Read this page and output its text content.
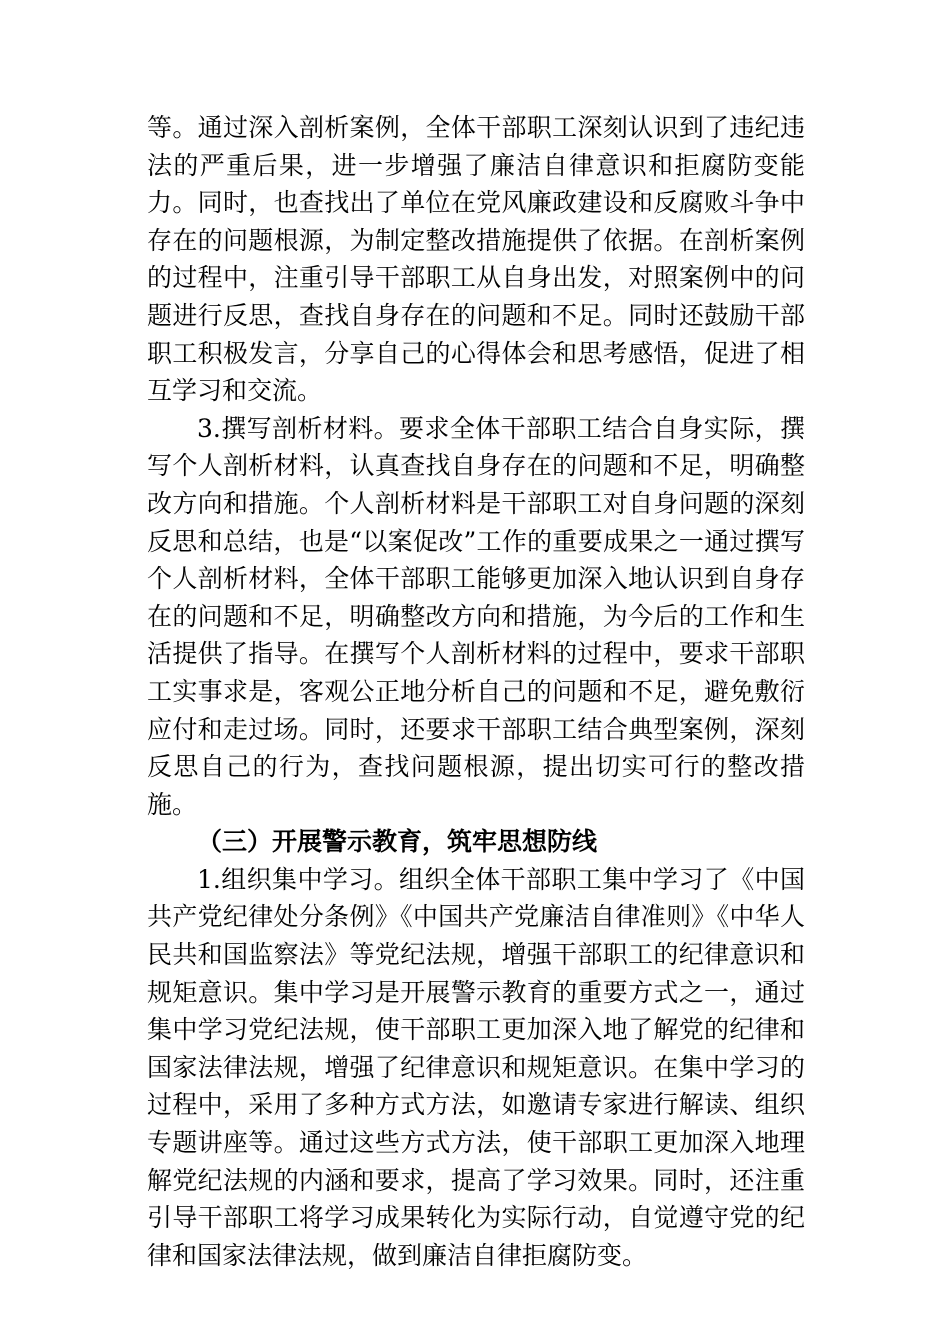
等。通过深入剖析案例，全体干部职工深刻认识到了违纪违法的严重后果，进一步增强了廉洁自律意识和拒腐防变能力。同时，也查找出了单位在党风廉政建设和反腐败斗争中存在的问题根源，为制定整改措施提供了依据。在剖析案例的过程中，注重引导干部职工从自身出发，对照案例中的问题进行反思，查找自身存在的问题和不足。同时还鼓励干部职工积极发言，分享自己的心得体会和思考感悟，促进了相互学习和交流。

3.撰写剖析材料。要求全体干部职工结合自身实际，撰写个人剖析材料，认真查找自身存在的问题和不足，明确整改方向和措施。个人剖析材料是干部职工对自身问题的深刻反思和总结，也是“以案促改”工作的重要成果之一通过撰写个人剖析材料，全体干部职工能够更加深入地认识到自身存在的问题和不足，明确整改方向和措施，为今后的工作和生活提供了指导。在撰写个人剖析材料的过程中，要求干部职工实事求是，客观公正地分析自己的问题和不足，避免敷衍应付和走过场。同时，还要求干部职工结合典型案例，深刻反思自己的行为，查找问题根源，提出切实可行的整改措施。

（三）开展警示教育，筑牢思想防线

1.组织集中学习。组织全体干部职工集中学习了《中国共产党纪律处分条例》《中国共产党廉洁自律准则》《中华人民共和国监察法》等党纪法规，增强干部职工的纪律意识和规矩意识。集中学习是开展警示教育的重要方式之一，通过集中学习党纪法规，使干部职工更加深入地了解党的纪律和国家法律法规，增强了纪律意识和规矩意识。在集中学习的过程中，采用了多种方式方法，如邀请专家进行解读、组织专题讲座等。通过这些方式方法，使干部职工更加深入地理解党纪法规的内涵和要求，提高了学习效果。同时，还注重引导干部职工将学习成果转化为实际行动，自觉遵守党的纪律和国家法律法规，做到廉洁自律拒腐防变。
